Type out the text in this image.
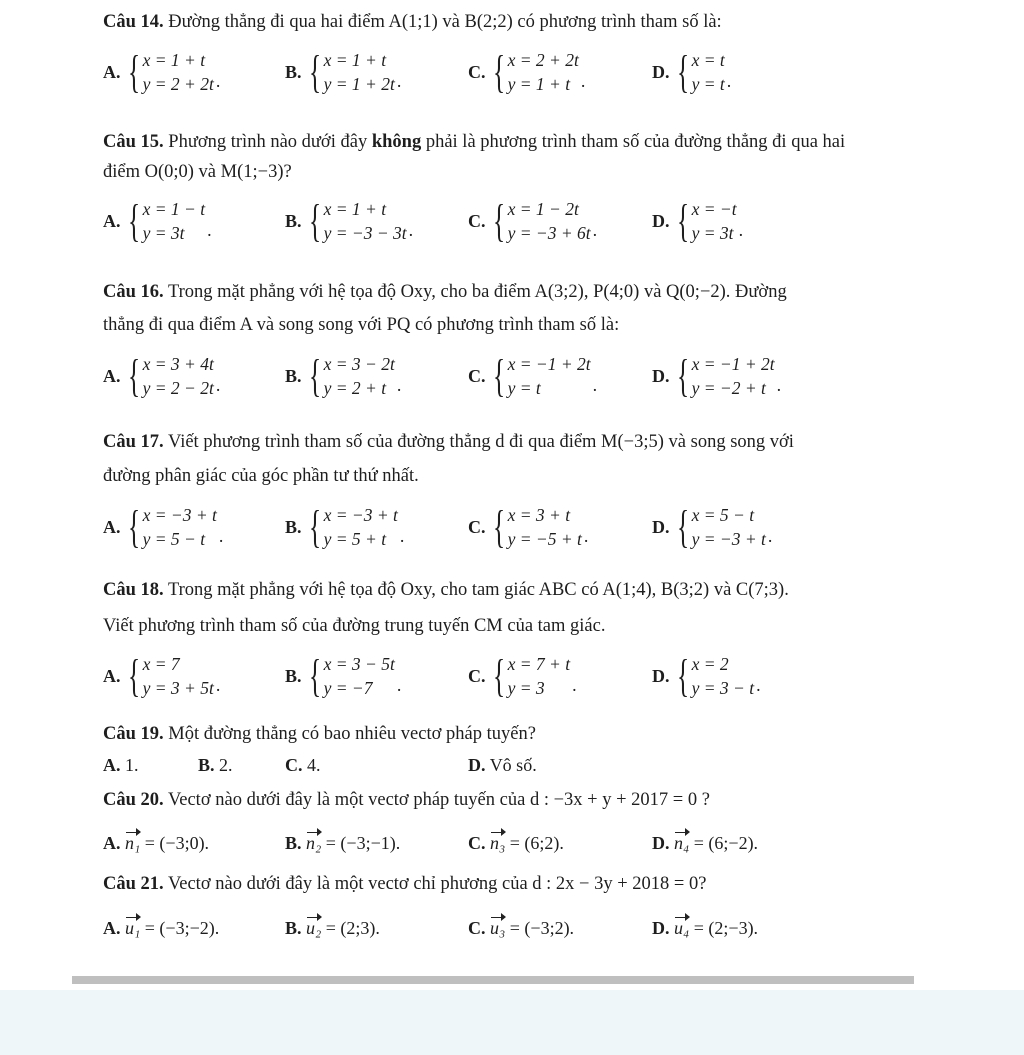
Câu 14. Đường thẳng đi qua hai điểm A(1;1) và B(2;2) có phương trình tham số là:
A. { x = 1 + t
y = 2 + 2t .	B. { x = 1 + t
y = 1 + 2t .	C. { x = 2 + 2t
y = 1 + t .	D. { x = t
y = t .
Câu 15. Phương trình nào dưới đây không phải là phương trình tham số của đường thẳng đi qua hai
điểm O(0;0) và M(1;−3)?
A. { x = 1 − t
y = 3t	.	B. { x = 1 + t
y = −3 − 3t .	C. { x = 1 − 2t
y = −3 + 6t .	D. { x = −t
y = 3t .
Câu 16. Trong mặt phẳng với hệ tọa độ Oxy, cho ba điểm A(3;2), P(4;0) và Q(0;−2). Đường
thẳng đi qua điểm A và song song với PQ có phương trình tham số là:
A. { x = 3 + 4t
y = 2 − 2t .	B. { x = 3 − 2t
y = 2 + t .	C. { x = −1 + 2t
y = t	.	D. { x = −1 + 2t
y = −2 + t .
Câu 17. Viết phương trình tham số của đường thẳng d đi qua điểm M(−3;5) và song song với
đường phân giác của góc phần tư thứ nhất.
A. { x = −3 + t
y = 5 − t .	B. { x = −3 + t
y = 5 + t .	C. { x = 3 + t
y = −5 + t .	D. { x = 5 − t
y = −3 + t .
Câu 18. Trong mặt phẳng với hệ tọa độ Oxy, cho tam giác ABC có A(1;4), B(3;2) và C(7;3).
Viết phương trình tham số của đường trung tuyến CM của tam giác.
A. { x = 7
y = 3 + 5t .	B. { x = 3 − 5t
y = −7	.	C. { x = 7 + t
y = 3	.	D. { x = 2
y = 3 − t .
Câu 19. Một đường thẳng có bao nhiêu vectơ pháp tuyến?
A. 1.	B. 2.	C. 4.	D. Vô số.
Câu 20. Vectơ nào dưới đây là một vectơ pháp tuyến của d : −3x + y + 2017 = 0 ?
A. n₁ = (−3;0).	B. n₂ = (−3;−1).	C. n₃ = (6;2).	D. n₄ = (6;−2).
Câu 21. Vectơ nào dưới đây là một vectơ chỉ phương của d : 2x − 3y + 2018 = 0?
A. u₁ = (−3;−2).	B. u₂ = (2;3).	C. u₃ = (−3;2).	D. u₄ = (2;−3).
